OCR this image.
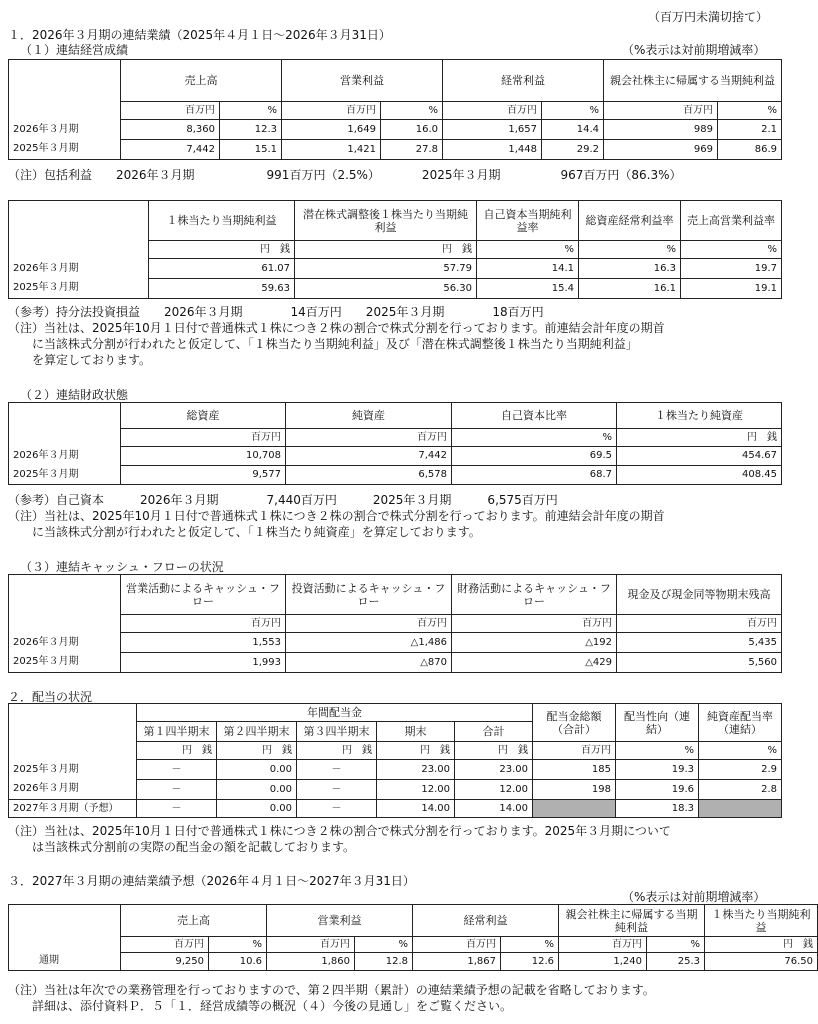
（百万円未満切捨て）
１．2026年３月期の連結業績（2025年４月１日～2026年３月31日）
（１）連結経営成績	（%表示は対前期増減率）
	売上高		営業利益		経常利益		親会社株主に帰属する当期純利益	
	百万円	%	百万円	%	百万円	%	百万円	%
2026年３月期	8,360	12.3	1,649	16.0	1,657	14.4	989	2.1
2025年３月期	7,442	15.1	1,421	27.8	1,448	29.2	969	86.9
（注）包括利益　　2026年３月期　　　　　　991百万円（2.5%）　　　　2025年３月期　　　　　967百万円（86.3%）
	１株当たり当期純利益	潜在株式調整後１株当たり当期純利益	自己資本当期純利益率	総資産経常利益率	売上高営業利益率
	円　銭	円　銭	%	%	%
2026年３月期	61.07	57.79	14.1	16.3	19.7
2025年３月期	59.63	56.30	15.4	16.1	19.1
（参考）持分法投資損益　　2026年３月期　　　　14百万円　　2025年３月期　　　　18百万円
（注）当社は、2025年10月１日付で普通株式１株につき２株の割合で株式分割を行っております。前連結会計年度の期首
　　に当該株式分割が行われたと仮定して、「１株当たり当期純利益」及び「潜在株式調整後１株当たり当期純利益」
　　を算定しております。
（２）連結財政状態
	総資産	純資産	自己資本比率	１株当たり純資産
	百万円	百万円	%	円　銭
2026年３月期	10,708	7,442	69.5	454.67
2025年３月期	9,577	6,578	68.7	408.45
（参考）自己資本　　　2026年３月期　　　　7,440百万円　　　2025年３月期　　　6,575百万円
（注）当社は、2025年10月１日付で普通株式１株につき２株の割合で株式分割を行っております。前連結会計年度の期首
　　に当該株式分割が行われたと仮定して、「１株当たり純資産」を算定しております。
（３）連結キャッシュ・フローの状況
	営業活動によるキャッシュ・フロー	投資活動によるキャッシュ・フロー	財務活動によるキャッシュ・フロー	現金及び現金同等物期末残高
	百万円	百万円	百万円	百万円
2026年３月期	1,553	△1,486	△192	5,435
2025年３月期	1,993	△870	△429	5,560
２．配当の状況
	年間配当金					配当金総額（合計）	配当性向（連結）	純資産配当率（連結）
	第１四半期末	第２四半期末	第３四半期末	期末	合計			
	円　銭	円　銭	円　銭	円　銭	円　銭	百万円	%	%
2025年３月期	－	0.00	－	23.00	23.00	185	19.3	2.9
2026年３月期	－	0.00	－	12.00	12.00	198	19.6	2.8
2027年３月期（予想）	－	0.00	－	14.00	14.00		18.3	
（注）当社は、2025年10月１日付で普通株式１株につき２株の割合で株式分割を行っております。2025年３月期について
　　は当該株式分割前の実際の配当金の額を記載しております。
３．2027年３月期の連結業績予想（2026年４月１日～2027年３月31日）
（%表示は対前期増減率）
	売上高		営業利益		経常利益		親会社株主に帰属する当期純利益		１株当たり当期純利益
	百万円	%	百万円	%	百万円	%	百万円	%	円　銭
通期	9,250	10.6	1,860	12.8	1,867	12.6	1,240	25.3	76.50
（注）当社は年次での業務管理を行っておりますので、第２四半期（累計）の連結業績予想の記載を省略しております。
　　詳細は、添付資料Ｐ．５「１．経営成績等の概況（４）今後の見通し」をご覧ください。
